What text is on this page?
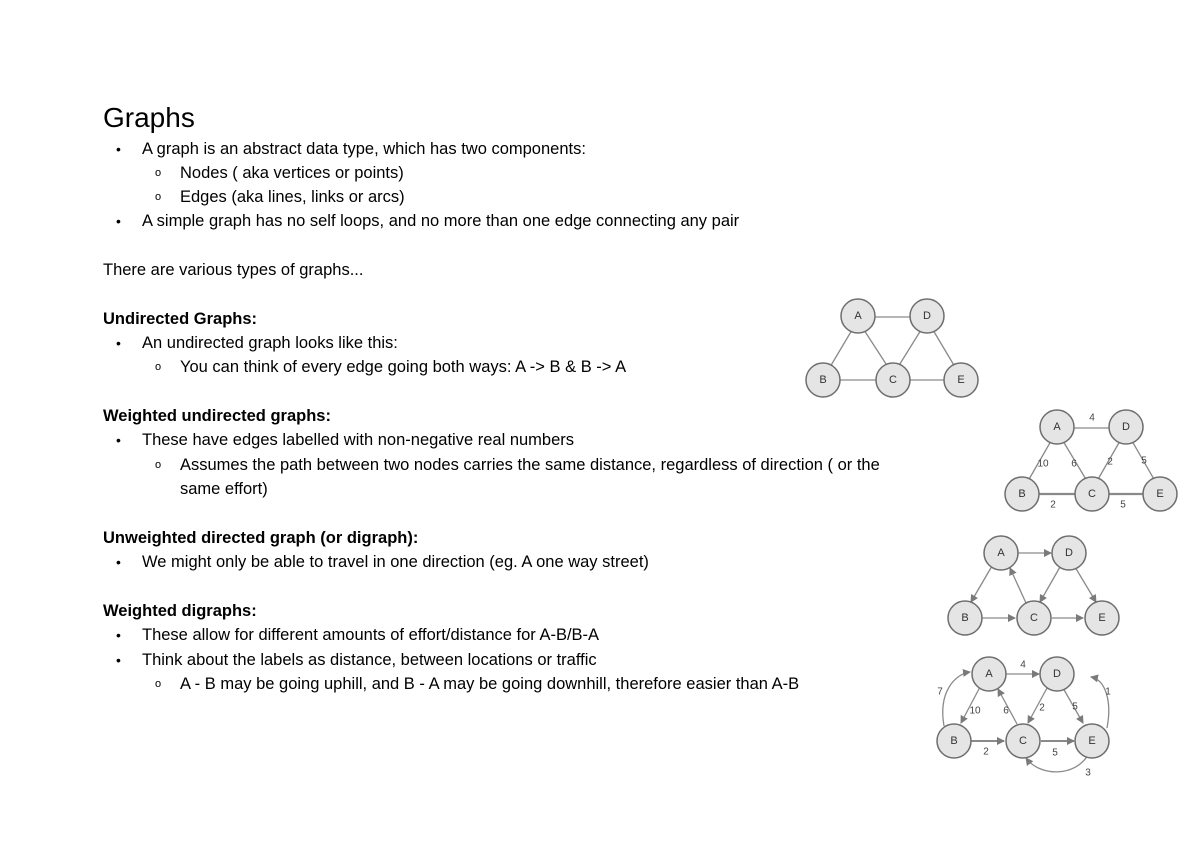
Graphs
• A graph is an abstract data type, which has two components:
o Nodes ( aka vertices or points)
o Edges (aka lines, links or arcs)
• A simple graph has no self loops, and no more than one edge connecting any pair
There are various types of graphs...
Undirected Graphs:
• An undirected graph looks like this:
o You can think of every edge going both ways: A -> B & B -> A
Weighted undirected graphs:
• These have edges labelled with non-negative real numbers
o Assumes the path between two nodes carries the same distance, regardless of direction ( or the
same effort)
Unweighted directed graph (or digraph):
• We might only be able to travel in one direction (eg. A one way street)
Weighted digraphs:
• These allow for different amounts of effort/distance for A-B/B-A
• Think about the labels as distance, between locations or traffic
o A - B may be going uphill, and B - A may be going downhill, therefore easier than A-B
A	D
B	C	E
4
10 6	2	5
2	5
A	D
B	C	E
A	D
B	C	E
4
7
10 6	2	5
1
2	5
3
A	D
B	C	E
